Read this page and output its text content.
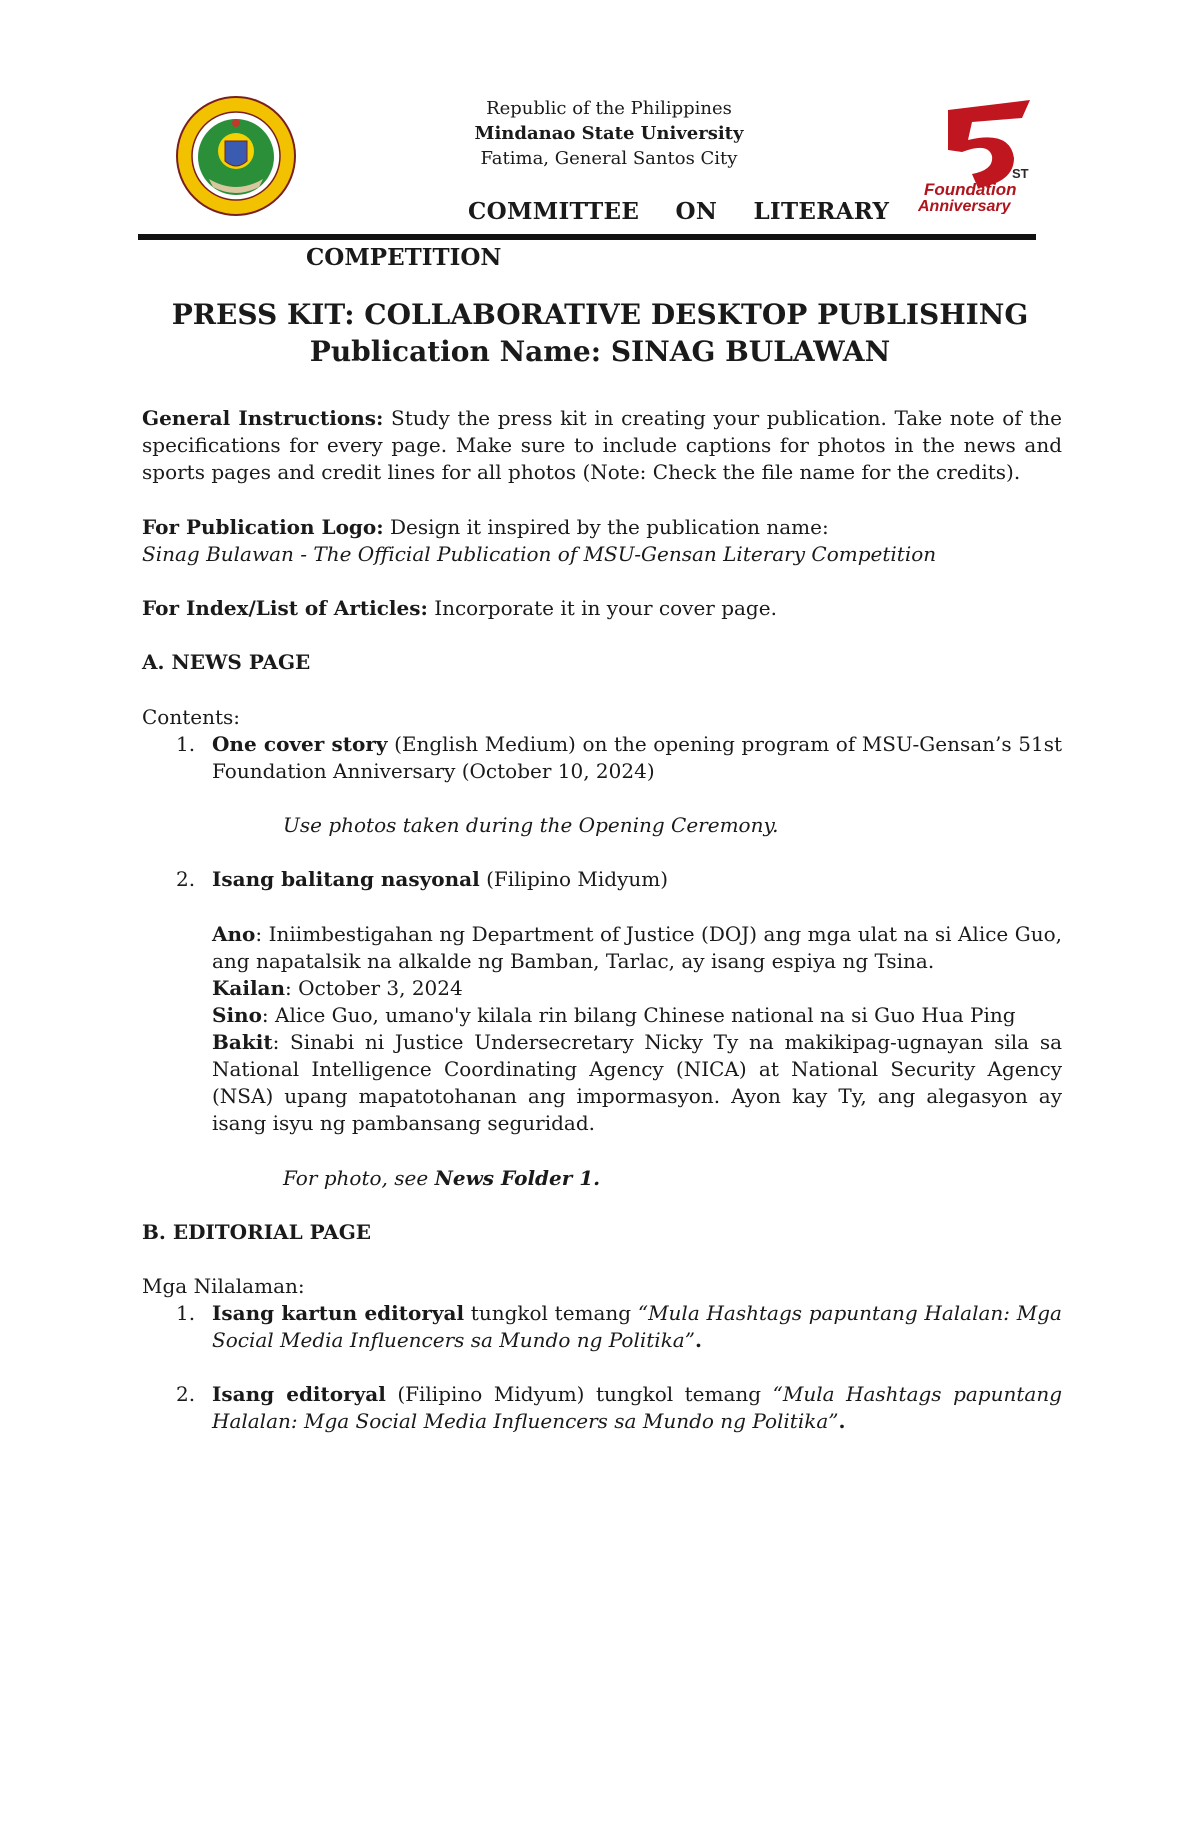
ST
Foundation
Anniversary
Republic of the Philippines
Mindanao State University
Fatima, General Santos City
COMMITTEE ON LITERARY
COMPETITION
PRESS KIT: COLLABORATIVE DESKTOP PUBLISHING
Publication Name: SINAG BULAWAN
General Instructions: Study the press kit in creating your publication. Take note of the specifications for every page. Make sure to include captions for photos in the news and sports pages and credit lines for all photos (Note: Check the file name for the credits).
For Publication Logo: Design it inspired by the publication name:
Sinag Bulawan - The Official Publication of MSU-Gensan Literary Competition
For Index/List of Articles: Incorporate it in your cover page.
A. NEWS PAGE
Contents:
1. One cover story (English Medium) on the opening program of MSU-Gensan’s 51st Foundation Anniversary (October 10, 2024)
Use photos taken during the Opening Ceremony.
2. Isang balitang nasyonal (Filipino Midyum)
Ano: Iniimbestigahan ng Department of Justice (DOJ) ang mga ulat na si Alice Guo, ang napatalsik na alkalde ng Bamban, Tarlac, ay isang espiya ng Tsina.
Kailan: October 3, 2024
Sino: Alice Guo, umano'y kilala rin bilang Chinese national na si Guo Hua Ping
Bakit: Sinabi ni Justice Undersecretary Nicky Ty na makikipag-ugnayan sila sa National Intelligence Coordinating Agency (NICA) at National Security Agency (NSA) upang mapatotohanan ang impormasyon. Ayon kay Ty, ang alegasyon ay isang isyu ng pambansang seguridad.
For photo, see News Folder 1.
B. EDITORIAL PAGE
Mga Nilalaman:
1. Isang kartun editoryal tungkol temang “Mula Hashtags papuntang Halalan: Mga Social Media Influencers sa Mundo ng Politika”.
2. Isang editoryal (Filipino Midyum) tungkol temang “Mula Hashtags papuntang Halalan: Mga Social Media Influencers sa Mundo ng Politika”.
